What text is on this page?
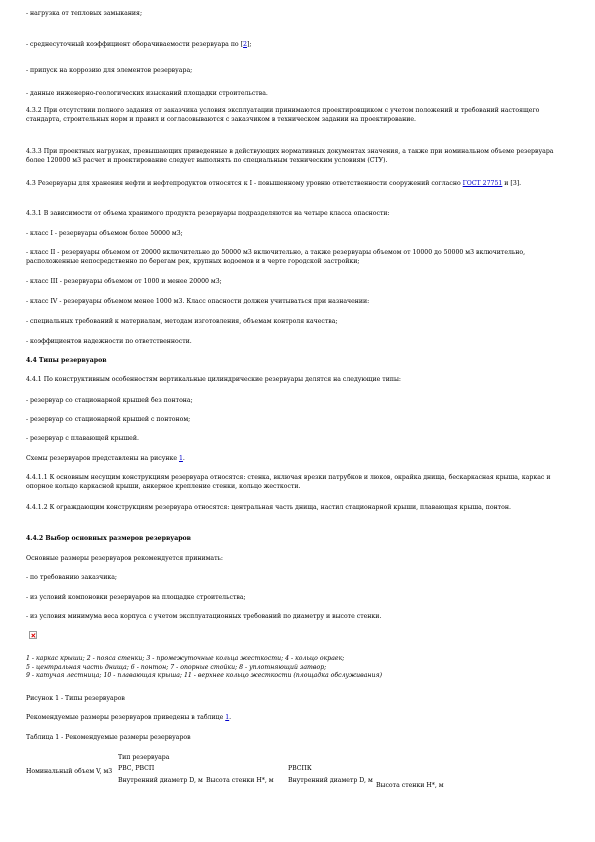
- нагрузка от тепловых замыкания;

- среднесуточный коэффициент оборачиваемости резервуара по [2];

- припуск на коррозию для элементов резервуара;

- данные инженерно-геологических изысканий площадки строительства.

4.3.2 При отсутствии полного задания от заказчика условия эксплуатации принимаются проектировщиком с учетом положений и требований настоящего стандарта, строительных норм и правил и согласовываются с заказчиком в техническом задании на проектирование.

4.3.3 При проектных нагрузках, превышающих приведенные в действующих нормативных документах значения, а также при номинальном объеме резервуара более 120000 м3 расчет и проектирование следует выполнять по специальным техническим условиям (СТУ).

4.3 Резервуары для хранения нефти и нефтепродуктов относятся к I - повышенному уровню ответственности сооружений согласно ГОСТ 27751 и [3].

4.3.1 В зависимости от объема хранимого продукта резервуары подразделяются на четыре класса опасности:

- класс I - резервуары объемом более 50000 м3;

- класс II - резервуары объемом от 20000 включительно до 50000 м3 включительно, а также резервуары объемом от 10000 до 50000 м3 включительно, расположенные непосредственно по берегам рек, крупных водоемов и в черте городской застройки;

- класс III - резервуары объемом от 1000 и менее 20000 м3;

- класс IV - резервуары объемом менее 1000 м3. Класс опасности должен учитываться при назначении:

- специальных требований к материалам, методам изготовления, объемам контроля качества;

- коэффициентов надежности по ответственности.

4.4 Типы резервуаров

4.4.1 По конструктивным особенностям вертикальные цилиндрические резервуары делятся на следующие типы:

- резервуар со стационарной крышей без понтона;

- резервуар со стационарной крышей с понтоном;

- резервуар с плавающей крышей.

Схемы резервуаров представлены на рисунке 1.

4.4.1.1 К основным несущим конструкциям резервуара относятся: стенка, включая врезки патрубков и люков, окрайка днища, бескаркасная крыша, каркас и опорное кольцо каркасной крыши, анкерное крепление стенки, кольцо жесткости.

4.4.1.2 К ограждающим конструкциям резервуара относятся: центральная часть днища, настил стационарной крыши, плавающая крыша, понтон.

4.4.2 Выбор основных размеров резервуаров

Основные размеры резервуаров рекомендуется принимать:

- по требованию заказчика;

- из условий компоновки резервуаров на площадке строительства;

- из условия минимума веса корпуса с учетом эксплуатационных требований по диаметру и высоте стенки.

1 - каркас крыши; 2 - пояса стенки; 3 - промежуточные кольца жесткости; 4 - кольцо окраек;

5 - центральная часть днища; 6 - понтон; 7 - опорные стойки; 8 - уплотняющий затвор;

9 - катучая лестница; 10 - плавающая крыша; 11 - верхнее кольцо жесткости (площадка обслуживания)

Рисунок 1 - Типы резервуаров

Рекомендуемые размеры резервуаров приведены в таблице 1.

Таблица 1 - Рекомендуемые размеры резервуаров

	Тип резервуара			
Номинальный объем V, м3	РВС, РВСП		РВСПК	
	Внутренний диаметр D, м	Высота стенки H*, м	Внутренний диаметр D, м	Высота стенки H*, м
